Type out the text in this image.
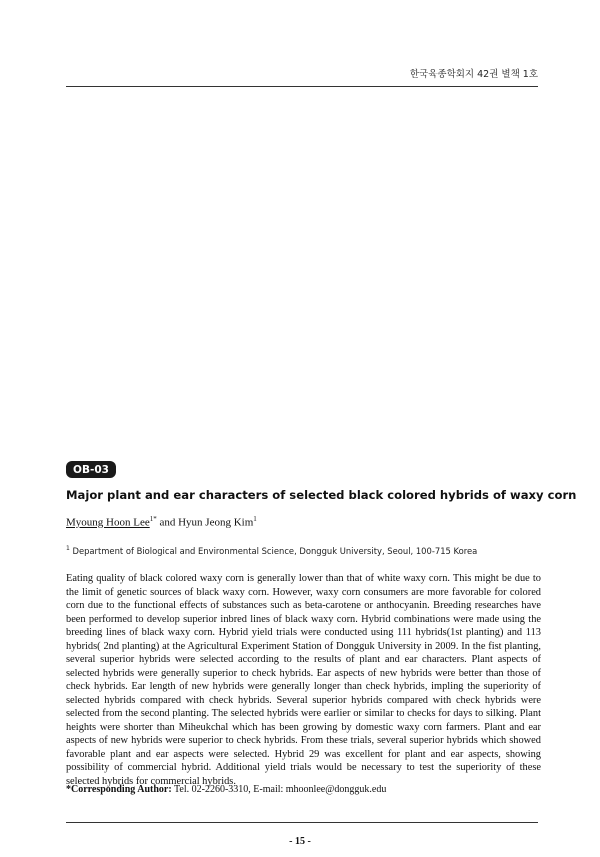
한국육종학회지 42권 별책 1호
OB-03
Major plant and ear characters of selected black colored hybrids of waxy corn
Myoung Hoon Lee$^{1*}$ and Hyun Jeong Kim$^1$
$^1$ Department of Biological and Environmental Science, Dongguk University, Seoul, 100-715 Korea

Eating quality of black colored waxy corn is generally lower than that of white waxy corn. This might be due to the limit of genetic sources of black waxy corn. However, waxy corn consumers are more favorable for colored corn due to the functional effects of substances such as beta-carotene or anthocyanin. Breeding researches have been performed to develop superior inbred lines of black waxy corn. Hybrid combinations were made using the breeding lines of black waxy corn. Hybrid yield trials were conducted using 111 hybrids(1st planting) and 113 hybrids( 2nd planting) at the Agricultural Experiment Station of Dongguk University in 2009. In the fist planting, several superior hybrids were selected according to the results of plant and ear characters. Plant aspects of selected hybrids were generally superior to check hybrids. Ear aspects of new hybrids were better than those of check hybrids. Ear length of new hybrids were generally longer than check hybrids, impling the superiority of selected hybrids compared with check hybrids. Several superior hybrids compared with check hybrids were selected from the second planting. The selected hybrids were earlier or similar to checks for days to silking. Plant heights were shorter than Miheukchal which has been growing by domestic waxy corn farmers. Plant and ear aspects of new hybrids were superior to check hybrids. From these trials, several superior hybrids which showed favorable plant and ear aspects were selected. Hybrid 29 was excellent for plant and ear aspects, showing possibility of commercial hybrid. Additional yield trials would be necessary to test the superiority of these selected hybrids for commercial hybrids.

*Corresponding Author: Tel. 02-2260-3310, E-mail: mhoonlee@dongguk.edu
- 15 -
